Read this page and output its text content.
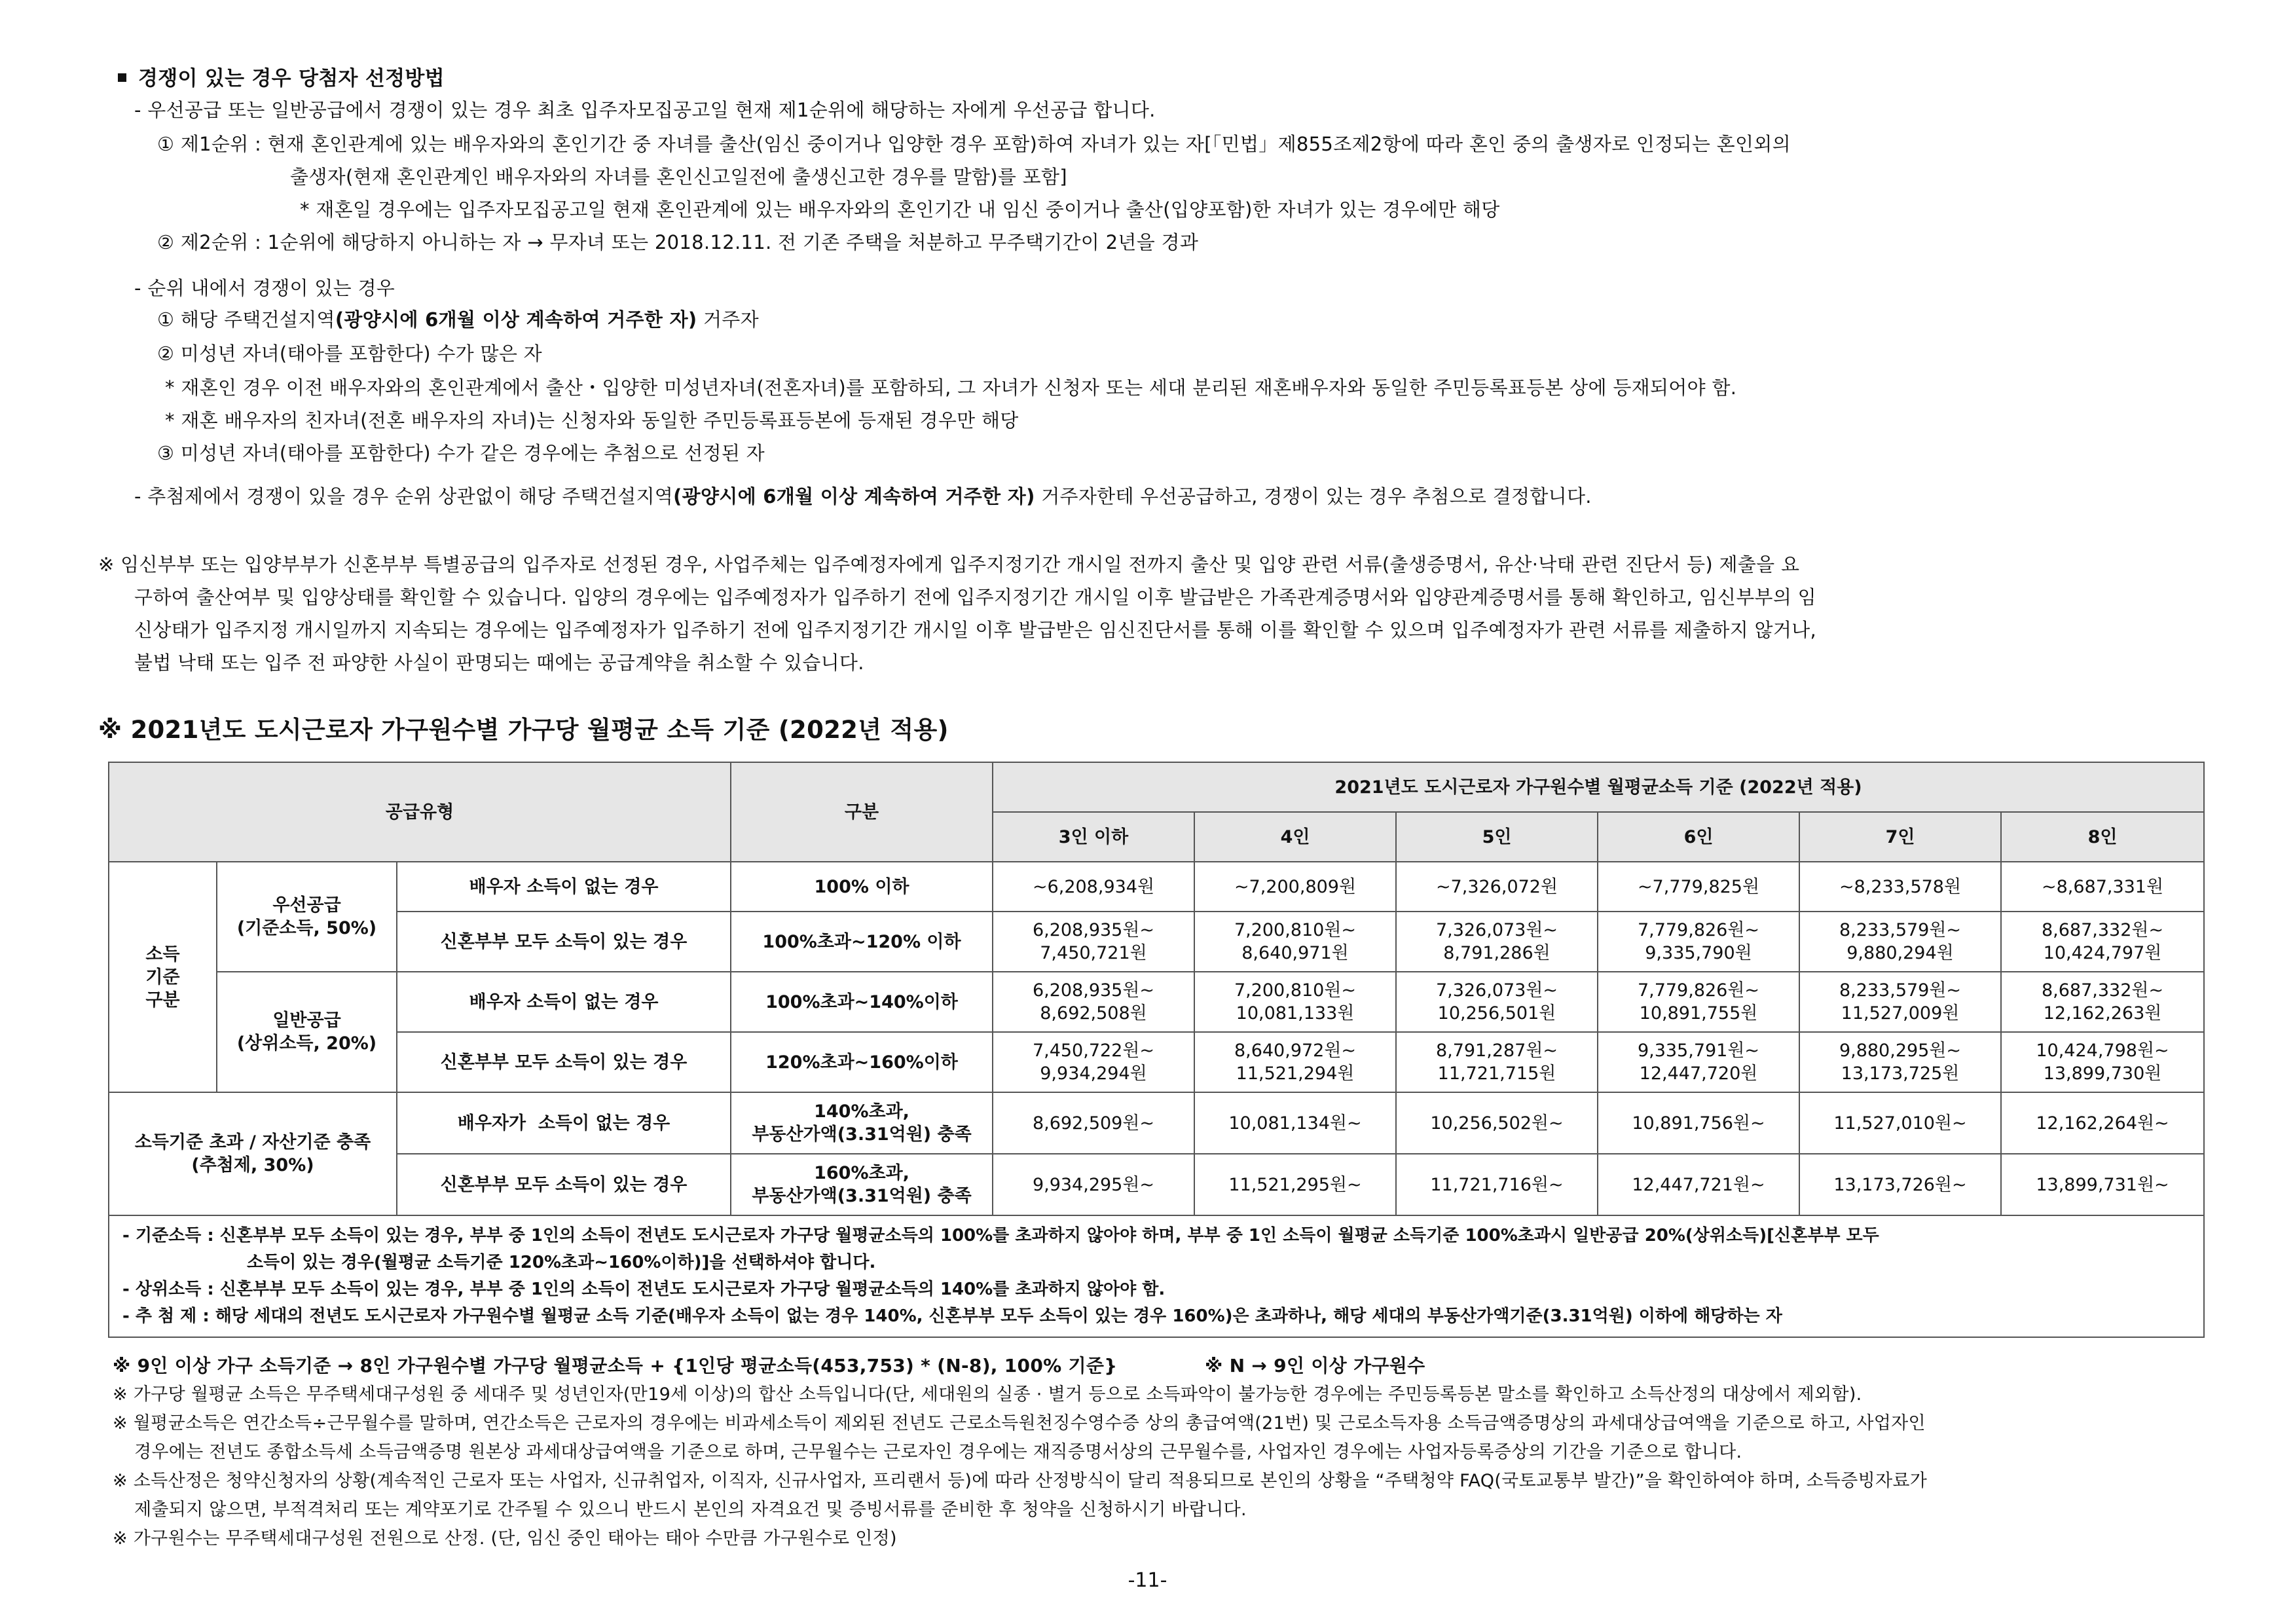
경쟁이 있는 경우 당첨자 선정방법
- 우선공급 또는 일반공급에서 경쟁이 있는 경우 최초 입주자모집공고일 현재 제1순위에 해당하는 자에게 우선공급 합니다.
① 제1순위 : 현재 혼인관계에 있는 배우자와의 혼인기간 중 자녀를 출산(임신 중이거나 입양한 경우 포함)하여 자녀가 있는 자[「민법」제855조제2항에 따라 혼인 중의 출생자로 인정되는 혼인외의
출생자(현재 혼인관계인 배우자와의 자녀를 혼인신고일전에 출생신고한 경우를 말함)를 포함]
* 재혼일 경우에는 입주자모집공고일 현재 혼인관계에 있는 배우자와의 혼인기간 내 임신 중이거나 출산(입양포함)한 자녀가 있는 경우에만 해당
② 제2순위 : 1순위에 해당하지 아니하는 자 → 무자녀 또는 2018.12.11. 전 기존 주택을 처분하고 무주택기간이 2년을 경과
- 순위 내에서 경쟁이 있는 경우
① 해당 주택건설지역(광양시에 6개월 이상 계속하여 거주한 자) 거주자
② 미성년 자녀(태아를 포함한다) 수가 많은 자
* 재혼인 경우 이전 배우자와의 혼인관계에서 출산・입양한 미성년자녀(전혼자녀)를 포함하되, 그 자녀가 신청자 또는 세대 분리된 재혼배우자와 동일한 주민등록표등본 상에 등재되어야 함.
* 재혼 배우자의 친자녀(전혼 배우자의 자녀)는 신청자와 동일한 주민등록표등본에 등재된 경우만 해당
③ 미성년 자녀(태아를 포함한다) 수가 같은 경우에는 추첨으로 선정된 자
- 추첨제에서 경쟁이 있을 경우 순위 상관없이 해당 주택건설지역(광양시에 6개월 이상 계속하여 거주한 자) 거주자한테 우선공급하고, 경쟁이 있는 경우 추첨으로 결정합니다.
※ 임신부부 또는 입양부부가 신혼부부 특별공급의 입주자로 선정된 경우, 사업주체는 입주예정자에게 입주지정기간 개시일 전까지 출산 및 입양 관련 서류(출생증명서, 유산·낙태 관련 진단서 등) 제출을 요
구하여 출산여부 및 입양상태를 확인할 수 있습니다. 입양의 경우에는 입주예정자가 입주하기 전에 입주지정기간 개시일 이후 발급받은 가족관계증명서와 입양관계증명서를 통해 확인하고, 임신부부의 임
신상태가 입주지정 개시일까지 지속되는 경우에는 입주예정자가 입주하기 전에 입주지정기간 개시일 이후 발급받은 임신진단서를 통해 이를 확인할 수 있으며 입주예정자가 관련 서류를 제출하지 않거나,
불법 낙태 또는 입주 전 파양한 사실이 판명되는 때에는 공급계약을 취소할 수 있습니다.
※ 2021년도 도시근로자 가구원수별 가구당 월평균 소득 기준 (2022년 적용)
공급유형			구분	2021년도 도시근로자 가구원수별 월평균소득 기준 (2022년 적용)					
				3인 이하	4인	5인	6인	7인	8인
소득
기준
구분	우선공급
(기준소득, 50%)	배우자 소득이 없는 경우	100% 이하	~6,208,934원	~7,200,809원	~7,326,072원	~7,779,825원	~8,233,578원	~8,687,331원
		신혼부부 모두 소득이 있는 경우	100%초과~120% 이하	6,208,935원~
7,450,721원	7,200,810원~
8,640,971원	7,326,073원~
8,791,286원	7,779,826원~
9,335,790원	8,233,579원~
9,880,294원	8,687,332원~
10,424,797원
	일반공급
(상위소득, 20%)	배우자 소득이 없는 경우	100%초과~140%이하	6,208,935원~
8,692,508원	7,200,810원~
10,081,133원	7,326,073원~
10,256,501원	7,779,826원~
10,891,755원	8,233,579원~
11,527,009원	8,687,332원~
12,162,263원
		신혼부부 모두 소득이 있는 경우	120%초과~160%이하	7,450,722원~
9,934,294원	8,640,972원~
11,521,294원	8,791,287원~
11,721,715원	9,335,791원~
12,447,720원	9,880,295원~
13,173,725원	10,424,798원~
13,899,730원
소득기준 초과 / 자산기준 충족
(추첨제, 30%)		배우자가  소득이 없는 경우	140%초과,
부동산가액(3.31억원) 충족	8,692,509원~	10,081,134원~	10,256,502원~	10,891,756원~	11,527,010원~	12,162,264원~
		신혼부부 모두 소득이 있는 경우	160%초과,
부동산가액(3.31억원) 충족	9,934,295원~	11,521,295원~	11,721,716원~	12,447,721원~	13,173,726원~	13,899,731원~

- 기준소득 : 신혼부부 모두 소득이 있는 경우, 부부 중 1인의 소득이 전년도 도시근로자 가구당 월평균소득의 100%를 초과하지 않아야 하며, 부부 중 1인 소득이 월평균 소득기준 100%초과시 일반공급 20%(상위소득)[신혼부부 모두
소득이 있는 경우(월평균 소득기준 120%초과~160%이하)]을 선택하셔야 합니다.
- 상위소득 : 신혼부부 모두 소득이 있는 경우, 부부 중 1인의 소득이 전년도 도시근로자 가구당 월평균소득의 140%를 초과하지 않아야 함.
- 추 첨 제 : 해당 세대의 전년도 도시근로자 가구원수별 월평균 소득 기준(배우자 소득이 없는 경우 140%, 신혼부부 모두 소득이 있는 경우 160%)은 초과하나, 해당 세대의 부동산가액기준(3.31억원) 이하에 해당하는 자									
※ 9인 이상 가구 소득기준 → 8인 가구원수별 가구당 월평균소득 + {1인당 평균소득(453,753) * (N-8), 100% 기준}	※ N → 9인 이상 가구원수
※ 가구당 월평균 소득은 무주택세대구성원 중 세대주 및 성년인자(만19세 이상)의 합산 소득입니다(단, 세대원의 실종 · 별거 등으로 소득파악이 불가능한 경우에는 주민등록등본 말소를 확인하고 소득산정의 대상에서 제외함).
※ 월평균소득은 연간소득÷근무월수를 말하며, 연간소득은 근로자의 경우에는 비과세소득이 제외된 전년도 근로소득원천징수영수증 상의 총급여액(21번) 및 근로소득자용 소득금액증명상의 과세대상급여액을 기준으로 하고, 사업자인
경우에는 전년도 종합소득세 소득금액증명 원본상 과세대상급여액을 기준으로 하며, 근무월수는 근로자인 경우에는 재직증명서상의 근무월수를, 사업자인 경우에는 사업자등록증상의 기간을 기준으로 합니다.
※ 소득산정은 청약신청자의 상황(계속적인 근로자 또는 사업자, 신규취업자, 이직자, 신규사업자, 프리랜서 등)에 따라 산정방식이 달리 적용되므로 본인의 상황을 “주택청약 FAQ(국토교통부 발간)”을 확인하여야 하며, 소득증빙자료가
제출되지 않으면, 부적격처리 또는 계약포기로 간주될 수 있으니 반드시 본인의 자격요건 및 증빙서류를 준비한 후 청약을 신청하시기 바랍니다.
※ 가구원수는 무주택세대구성원 전원으로 산정. (단, 임신 중인 태아는 태아 수만큼 가구원수로 인정)
-11-
